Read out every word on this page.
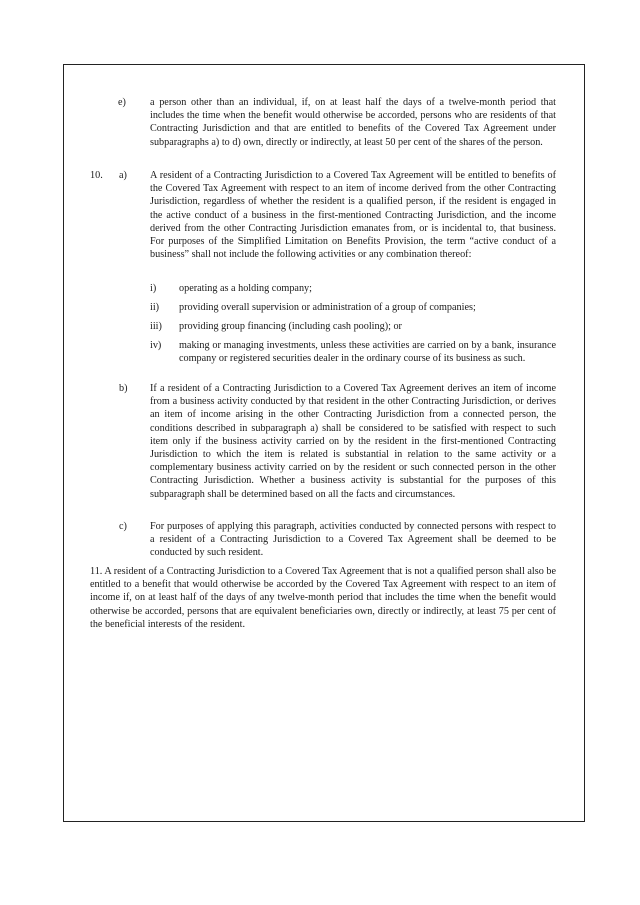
e) a person other than an individual, if, on at least half the days of a twelve-month period that includes the time when the benefit would otherwise be accorded, persons who are residents of that Contracting Jurisdiction and that are entitled to benefits of the Covered Tax Agreement under subparagraphs a) to d) own, directly or indirectly, at least 50 per cent of the shares of the person.
10. a) A resident of a Contracting Jurisdiction to a Covered Tax Agreement will be entitled to benefits of the Covered Tax Agreement with respect to an item of income derived from the other Contracting Jurisdiction, regardless of whether the resident is a qualified person, if the resident is engaged in the active conduct of a business in the first-mentioned Contracting Jurisdiction, and the income derived from the other Contracting Jurisdiction emanates from, or is incidental to, that business. For purposes of the Simplified Limitation on Benefits Provision, the term “active conduct of a business” shall not include the following activities or any combination thereof:
i) operating as a holding company;
ii) providing overall supervision or administration of a group of companies;
iii) providing group financing (including cash pooling); or
iv) making or managing investments, unless these activities are carried on by a bank, insurance company or registered securities dealer in the ordinary course of its business as such.
b) If a resident of a Contracting Jurisdiction to a Covered Tax Agreement derives an item of income from a business activity conducted by that resident in the other Contracting Jurisdiction, or derives an item of income arising in the other Contracting Jurisdiction from a connected person, the conditions described in subparagraph a) shall be considered to be satisfied with respect to such item only if the business activity carried on by the resident in the first-mentioned Contracting Jurisdiction to which the item is related is substantial in relation to the same activity or a complementary business activity carried on by the resident or such connected person in the other Contracting Jurisdiction. Whether a business activity is substantial for the purposes of this subparagraph shall be determined based on all the facts and circumstances.
c) For purposes of applying this paragraph, activities conducted by connected persons with respect to a resident of a Contracting Jurisdiction to a Covered Tax Agreement shall be deemed to be conducted by such resident.
11. A resident of a Contracting Jurisdiction to a Covered Tax Agreement that is not a qualified person shall also be entitled to a benefit that would otherwise be accorded by the Covered Tax Agreement with respect to an item of income if, on at least half of the days of any twelve-month period that includes the time when the benefit would otherwise be accorded, persons that are equivalent beneficiaries own, directly or indirectly, at least 75 per cent of the beneficial interests of the resident.
